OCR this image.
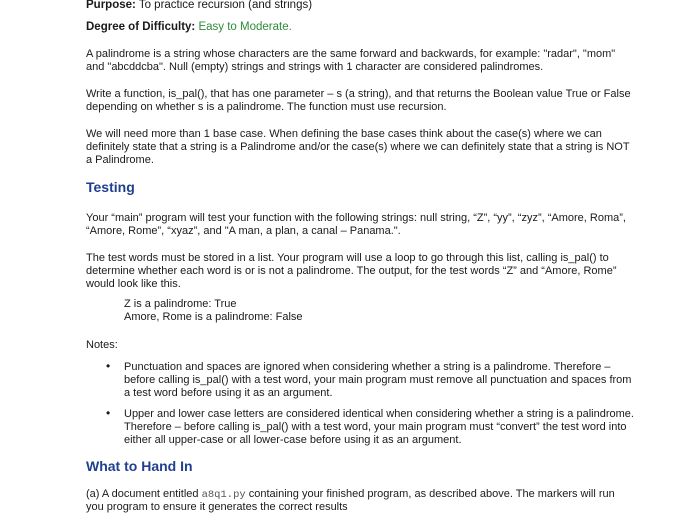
Purpose: To practice recursion (and strings)
Degree of Difficulty: Easy to Moderate.
A palindrome is a string whose characters are the same forward and backwards, for example: "radar", "mom"
and "abcddcba". Null (empty) strings and strings with 1 character are considered palindromes.
Write a function, is_pal(), that has one parameter – s (a string), and that returns the Boolean value True or False
depending on whether s is a palindrome. The function must use recursion.
We will need more than 1 base case. When defining the base cases think about the case(s) where we can
definitely state that a string is a Palindrome and/or the case(s) where we can definitely state that a string is NOT
a Palindrome.
Testing
Your “main” program will test your function with the following strings: null string, “Z”, “yy”, “zyz”, “Amore, Roma”,
“Amore, Rome”, “xyaz”, and "A man, a plan, a canal – Panama.".
The test words must be stored in a list. Your program will use a loop to go through this list, calling is_pal() to
determine whether each word is or is not a palindrome. The output, for the test words “Z” and “Amore, Rome”
would look like this.
Z is a palindrome: True
Amore, Rome is a palindrome: False
Notes:
• Punctuation and spaces are ignored when considering whether a string is a palindrome. Therefore –
before calling is_pal() with a test word, your main program must remove all punctuation and spaces from
a test word before using it as an argument.
• Upper and lower case letters are considered identical when considering whether a string is a palindrome.
Therefore – before calling is_pal() with a test word, your main program must “convert” the test word into
either all upper-case or all lower-case before using it as an argument.
What to Hand In
(a) A document entitled a8q1.py containing your finished program, as described above. The markers will run
you program to ensure it generates the correct results
